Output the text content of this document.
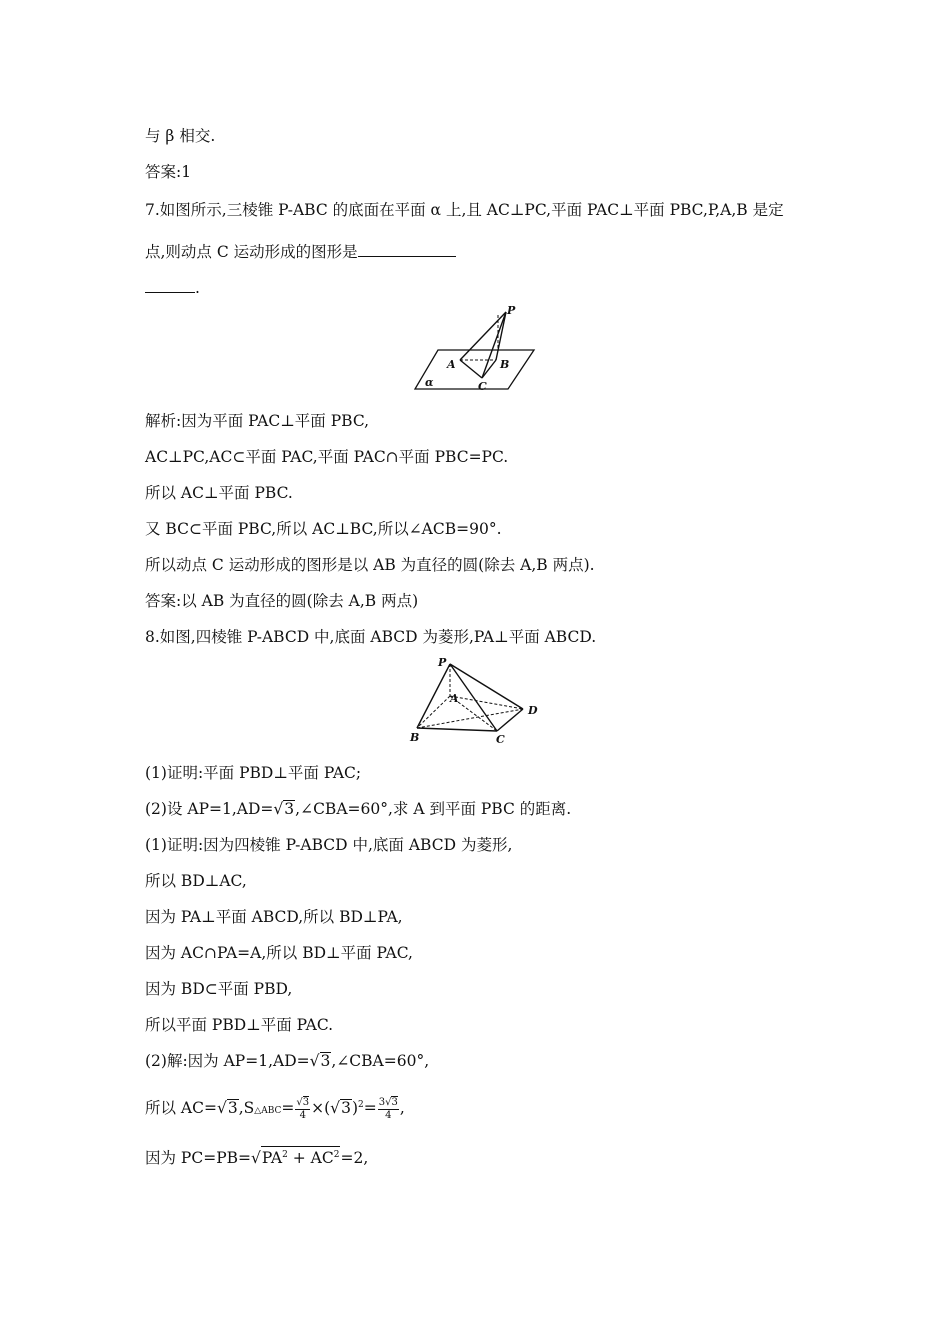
与 β 相交.
答案:1
7.如图所示,三棱锥 P-ABC 的底面在平面 α 上,且 AC⊥PC,平面 PAC⊥平面 PBC,P,A,B 是定
点,则动点 C 运动形成的图形是
.
P
A	B
C
α
解析:因为平面 PAC⊥平面 PBC,
AC⊥PC,AC⊂平面 PAC,平面 PAC∩平面 PBC=PC.
所以 AC⊥平面 PBC.
又 BC⊂平面 PBC,所以 AC⊥BC,所以∠ACB=90°.
所以动点 C 运动形成的图形是以 AB 为直径的圆(除去 A,B 两点).
答案:以 AB 为直径的圆(除去 A,B 两点)
8.如图,四棱锥 P-ABCD 中,底面 ABCD 为菱形,PA⊥平面 ABCD.
P
A
B	C
D
(1)证明:平面 PBD⊥平面 PAC;
(2)设 AP=1,AD=√3,∠CBA=60°,求 A 到平面 PBC 的距离.
(1)证明:因为四棱锥 P-ABCD 中,底面 ABCD 为菱形,
所以 BD⊥AC,
因为 PA⊥平面 ABCD,所以 BD⊥PA,
因为 AC∩PA=A,所以 BD⊥平面 PAC,
因为 BD⊂平面 PBD,
所以平面 PBD⊥平面 PAC.
(2)解:因为 AP=1,AD=√3,∠CBA=60°,
所以 AC=√3,S△ABC= $\frac{√3}{4} \times(√3)^2= \frac{3√3}{4}$ ,
因为 $PC=PB=√PA^2 + AC^2=2$,
